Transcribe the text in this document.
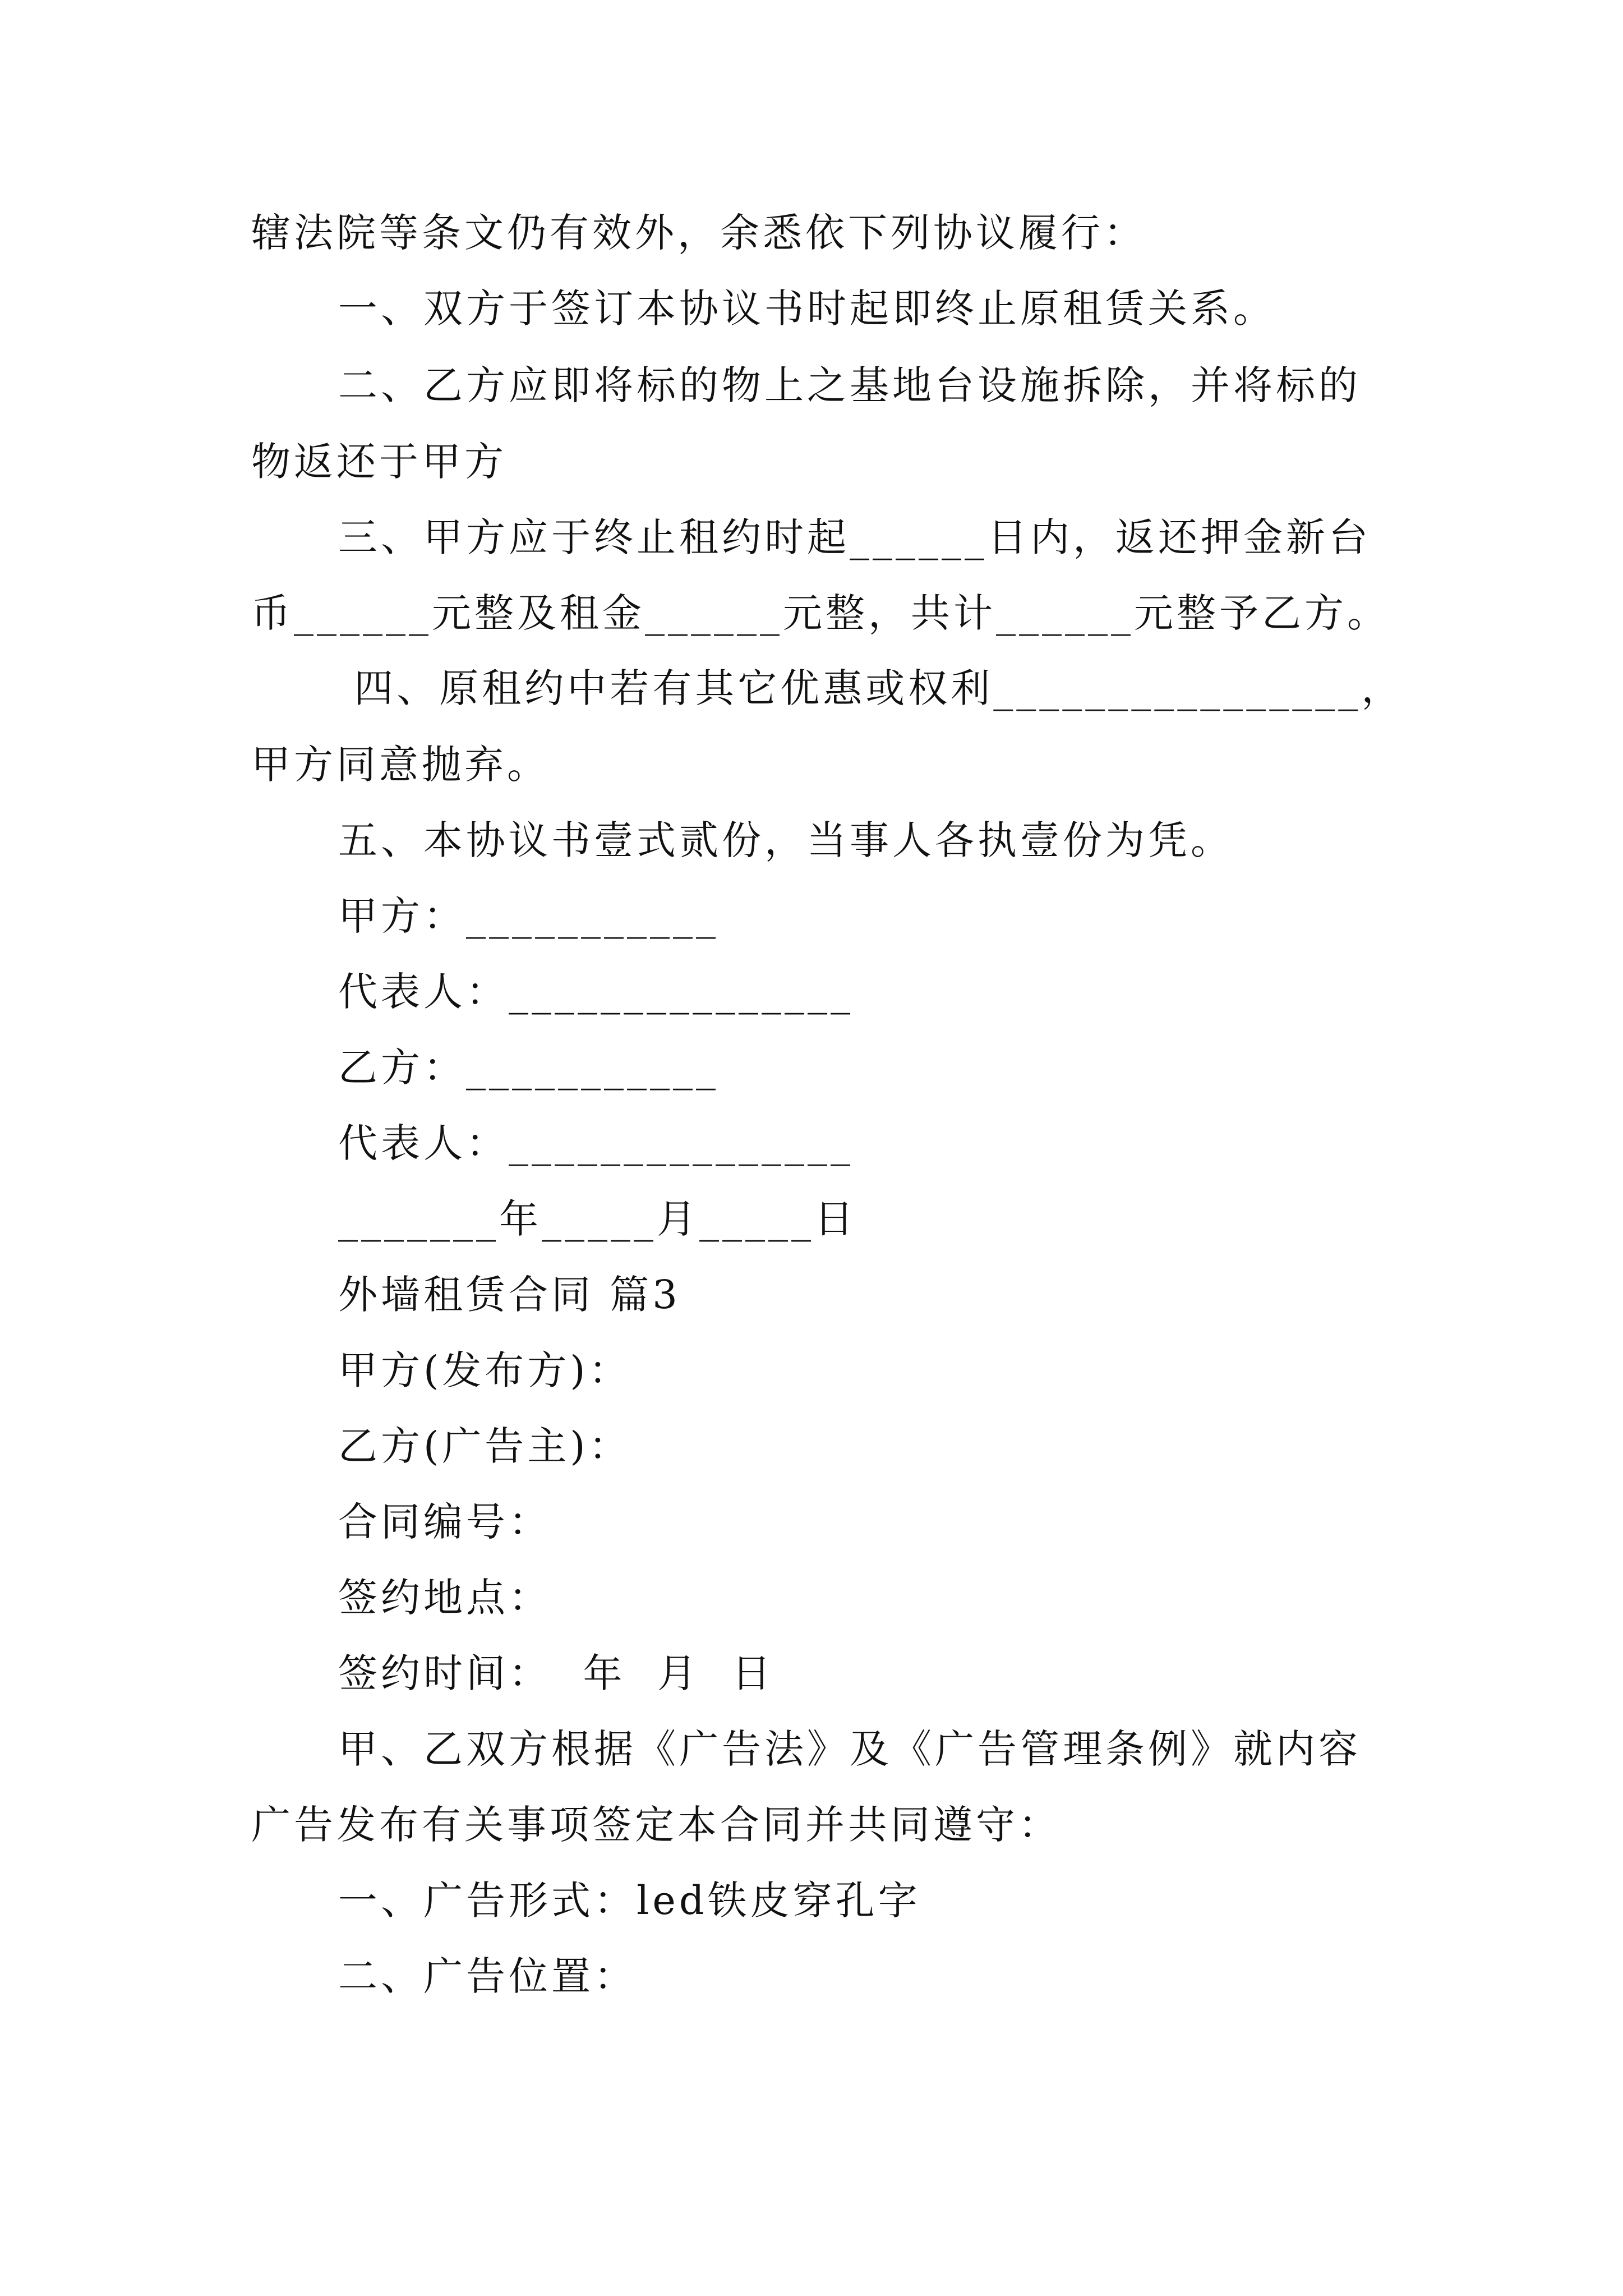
辖法院等条文仍有效外，余悉依下列协议履行：
一、双方于签订本协议书时起即终止原租赁关系。
二、乙方应即将标的物上之基地台设施拆除，并将标的
物返还于甲方
三、甲方应于终止租约时起______日内，返还押金新台
币______元整及租金______元整，共计______元整予乙方。
四、原租约中若有其它优惠或权利________________，
甲方同意抛弃。
五、本协议书壹式贰份，当事人各执壹份为凭。
甲方：___________
代表人：_______________
乙方：___________
代表人：_______________
_______年_____月_____日
外墙租赁合同 篇3
甲方(发布方)：
乙方(广告主)：
合同编号：
签约地点：
签约时间：  年  月  日
甲、乙双方根据《广告法》及《广告管理条例》就内容
广告发布有关事项签定本合同并共同遵守：
一、广告形式：led铁皮穿孔字
二、广告位置：
